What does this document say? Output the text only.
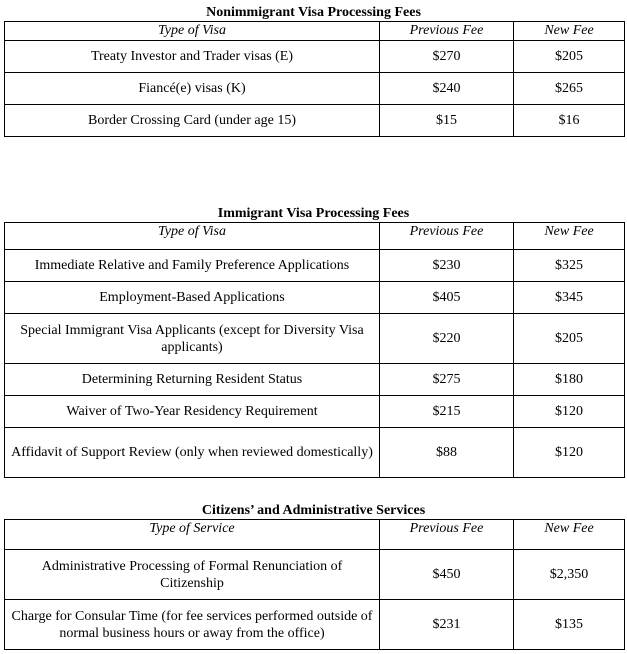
Nonimmigrant Visa Processing Fees
Type of Visa	Previous Fee	New Fee
Treaty Investor and Trader visas (E)	$270	$205
Fiancé(e) visas (K)	$240	$265
Border Crossing Card (under age 15)	$15	$16
Immigrant Visa Processing Fees
Type of Visa	Previous Fee	New Fee
Immediate Relative and Family Preference Applications	$230	$325
Employment-Based Applications	$405	$345
Special Immigrant Visa Applicants (except for Diversity Visa applicants)	$220	$205
Determining Returning Resident Status	$275	$180
Waiver of Two-Year Residency Requirement	$215	$120
Affidavit of Support Review (only when reviewed domestically)	$88	$120
Citizens’ and Administrative Services
Type of Service	Previous Fee	New Fee
Administrative Processing of Formal Renunciation of Citizenship	$450	$2,350
Charge for Consular Time (for fee services performed outside of normal business hours or away from the office)	$231	$135
